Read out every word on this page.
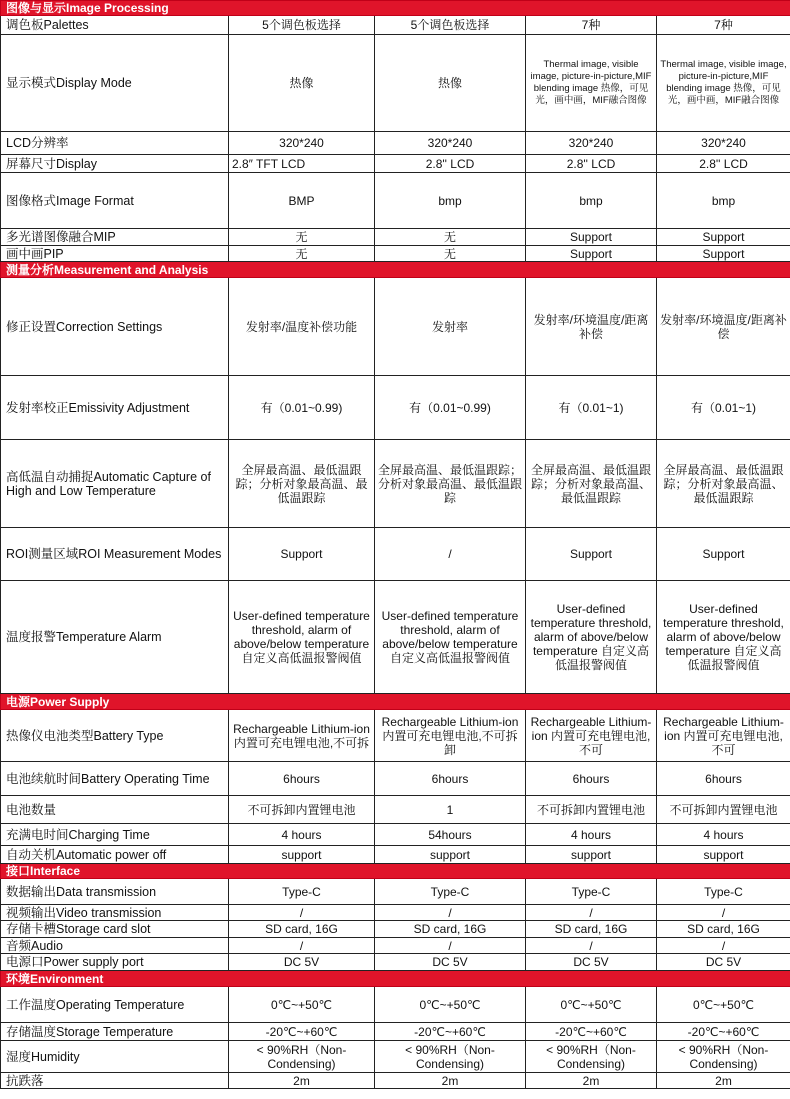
图像与显示Image Processing				
调色板Palettes	5个调色板选择	5个调色板选择	7种	7种
显示模式Display Mode	热像	热像	Thermal image, visible image, picture-in-picture,MIF blending image 热像，可见光，画中画，MIF融合图像	Thermal image, visible image, picture-in-picture,MIF blending image 热像，可见光，画中画，MIF融合图像
LCD分辨率	320*240	320*240	320*240	320*240
屏幕尺寸Display	2.8″ TFT LCD	2.8'' LCD	2.8'' LCD	2.8'' LCD
图像格式Image Format	BMP	bmp	bmp	bmp
多光谱图像融合MIP	无	无	Support	Support
画中画PIP	无	无	Support	Support
测量分析Measurement and Analysis				
修正设置Correction Settings	发射率/温度补偿功能	发射率	发射率/环境温度/距离补偿	发射率/环境温度/距离补偿
发射率校正Emissivity Adjustment	有（0.01~0.99)	有（0.01~0.99)	有（0.01~1)	有（0.01~1)
高低温自动捕捉Automatic Capture of High and Low Temperature	全屏最高温、最低温跟踪；分析对象最高温、最低温跟踪	全屏最高温、最低温跟踪；分析对象最高温、最低温跟踪	全屏最高温、最低温跟踪；分析对象最高温、最低温跟踪	全屏最高温、最低温跟踪；分析对象最高温、最低温跟踪
ROI测量区域ROI Measurement Modes	Support	/	Support	Support
温度报警Temperature Alarm	User-defined temperature threshold, alarm of above/below temperature 自定义高低温报警阀值	User-defined temperature threshold, alarm of above/below temperature 自定义高低温报警阀值	User-defined temperature threshold, alarm of above/below temperature 自定义高低温报警阀值	User-defined temperature threshold, alarm of above/below temperature 自定义高低温报警阀值
电源Power Supply				
热像仪电池类型Battery Type	Rechargeable Lithium-ion 内置可充电锂电池,不可拆	Rechargeable Lithium-ion 内置可充电锂电池,不可拆卸	Rechargeable Lithium-ion 内置可充电锂电池,不可	Rechargeable Lithium-ion 内置可充电锂电池,不可
电池续航时间Battery Operating Time	6hours	6hours	6hours	6hours
电池数量	不可拆卸内置锂电池	1	不可拆卸内置锂电池	不可拆卸内置锂电池
充满电时间Charging Time	4 hours	54hours	4 hours	4 hours
自动关机Automatic power off	support	support	support	support
接口Interface				
数据输出Data transmission	Type-C	Type-C	Type-C	Type-C
视频输出Video transmission	/	/	/	/
存储卡槽Storage card slot	SD card, 16G	SD card, 16G	SD card, 16G	SD card, 16G
音频Audio	/	/	/	/
电源口Power supply port	DC 5V	DC 5V	DC 5V	DC 5V
环境Environment				
工作温度Operating Temperature	0℃~+50℃	0℃~+50℃	0℃~+50℃	0℃~+50℃
存储温度Storage Temperature	-20℃~+60℃	-20℃~+60℃	-20℃~+60℃	-20℃~+60℃
湿度Humidity	< 90%RH（Non-Condensing)	< 90%RH（Non-Condensing)	< 90%RH（Non-Condensing)	< 90%RH（Non-Condensing)
抗跌落	2m	2m	2m	2m
